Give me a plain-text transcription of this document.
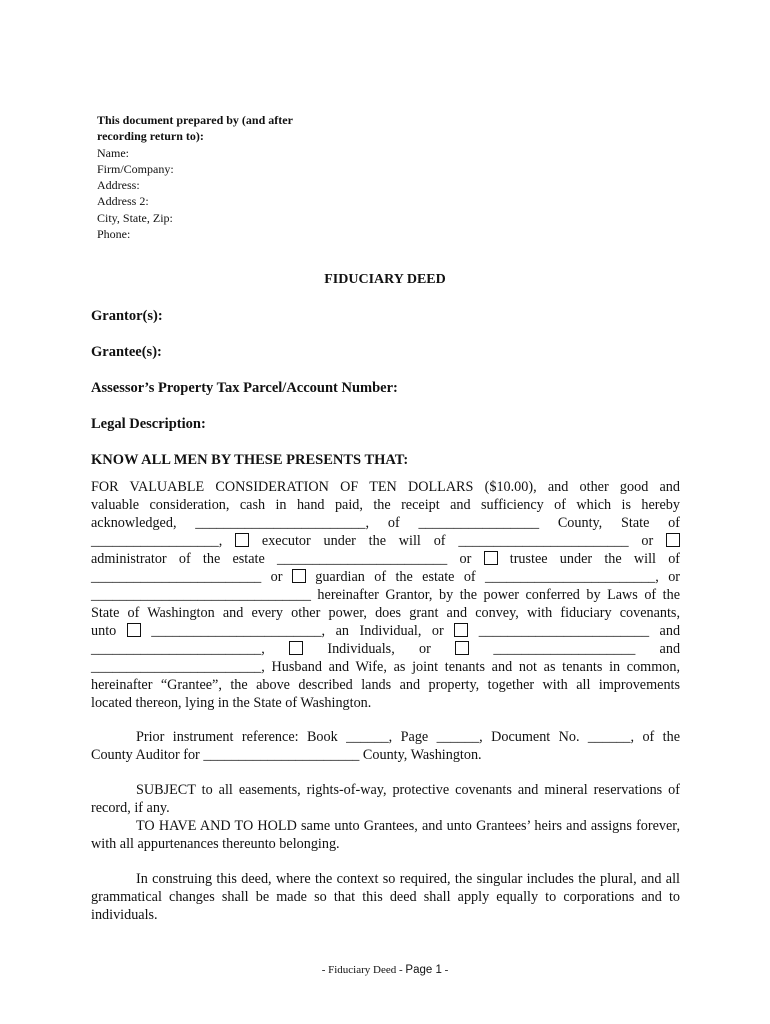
This document prepared by (and after
recording return to):
Name:
Firm/Company:
Address:
Address 2:
City, State, Zip:
Phone:
FIDUCIARY DEED
Grantor(s):
Grantee(s):
Assessor’s Property Tax Parcel/Account Number:
Legal Description:
KNOW ALL MEN BY THESE PRESENTS THAT:
FOR VALUABLE CONSIDERATION OF TEN DOLLARS ($10.00), and other good and
valuable consideration, cash in hand paid, the receipt and sufficiency of which is hereby
acknowledged, ________________________, of _________________ County, State of
__________________,	executor under the will of ________________________ or
administrator of the estate ________________________ or	trustee under the will of
________________________ or guardian of the estate of ________________________, or
_______________________________ hereinafter Grantor, by the power conferred by Laws of the
State of Washington and every other power, does grant and convey, with fiduciary covenants,
unto ________________________, an Individual, or ________________________ and
________________________,	Individuals, or	____________________ and
________________________, Husband and Wife, as joint tenants and not as tenants in common,
hereinafter “Grantee”, the above described lands and property, together with all improvements
located thereon, lying in the State of Washington.
Prior instrument reference: Book ______, Page ______, Document No. ______, of the
County Auditor for ______________________ County, Washington.
SUBJECT to all easements, rights-of-way, protective covenants and mineral reservations of record, if any.
TO HAVE AND TO HOLD same unto Grantees, and unto Grantees’ heirs and assigns forever, with all appurtenances thereunto belonging.
In construing this deed, where the context so required, the singular includes the plural, and all grammatical changes shall be made so that this deed shall apply equally to corporations and to individuals.
- Fiduciary Deed - Page 1 -
